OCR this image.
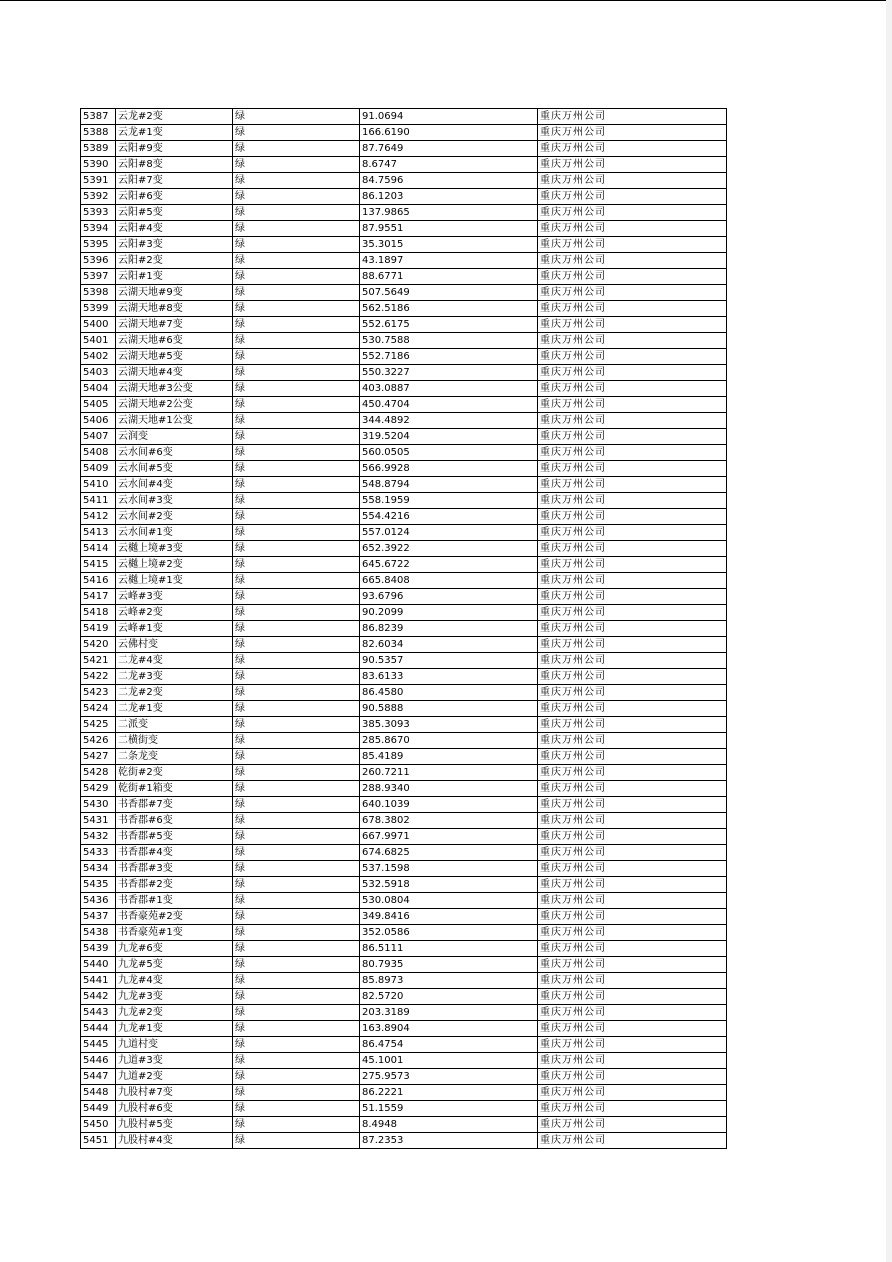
5387	云龙#2变	绿	91.0694	重庆万州公司
5388	云龙#1变	绿	166.6190	重庆万州公司
5389	云阳#9变	绿	87.7649	重庆万州公司
5390	云阳#8变	绿	8.6747	重庆万州公司
5391	云阳#7变	绿	84.7596	重庆万州公司
5392	云阳#6变	绿	86.1203	重庆万州公司
5393	云阳#5变	绿	137.9865	重庆万州公司
5394	云阳#4变	绿	87.9551	重庆万州公司
5395	云阳#3变	绿	35.3015	重庆万州公司
5396	云阳#2变	绿	43.1897	重庆万州公司
5397	云阳#1变	绿	88.6771	重庆万州公司
5398	云湖天地#9变	绿	507.5649	重庆万州公司
5399	云湖天地#8变	绿	562.5186	重庆万州公司
5400	云湖天地#7变	绿	552.6175	重庆万州公司
5401	云湖天地#6变	绿	530.7588	重庆万州公司
5402	云湖天地#5变	绿	552.7186	重庆万州公司
5403	云湖天地#4变	绿	550.3227	重庆万州公司
5404	云湖天地#3公变	绿	403.0887	重庆万州公司
5405	云湖天地#2公变	绿	450.4704	重庆万州公司
5406	云湖天地#1公变	绿	344.4892	重庆万州公司
5407	云润变	绿	319.5204	重庆万州公司
5408	云水间#6变	绿	560.0505	重庆万州公司
5409	云水间#5变	绿	566.9928	重庆万州公司
5410	云水间#4变	绿	548.8794	重庆万州公司
5411	云水间#3变	绿	558.1959	重庆万州公司
5412	云水间#2变	绿	554.4216	重庆万州公司
5413	云水间#1变	绿	557.0124	重庆万州公司
5414	云樾上境#3变	绿	652.3922	重庆万州公司
5415	云樾上境#2变	绿	645.6722	重庆万州公司
5416	云樾上境#1变	绿	665.8408	重庆万州公司
5417	云峰#3变	绿	93.6796	重庆万州公司
5418	云峰#2变	绿	90.2099	重庆万州公司
5419	云峰#1变	绿	86.8239	重庆万州公司
5420	云佛村变	绿	82.6034	重庆万州公司
5421	二龙#4变	绿	90.5357	重庆万州公司
5422	二龙#3变	绿	83.6133	重庆万州公司
5423	二龙#2变	绿	86.4580	重庆万州公司
5424	二龙#1变	绿	90.5888	重庆万州公司
5425	二派变	绿	385.3093	重庆万州公司
5426	二横街变	绿	285.8670	重庆万州公司
5427	二条龙变	绿	85.4189	重庆万州公司
5428	乾街#2变	绿	260.7211	重庆万州公司
5429	乾街#1箱变	绿	288.9340	重庆万州公司
5430	书香郡#7变	绿	640.1039	重庆万州公司
5431	书香郡#6变	绿	678.3802	重庆万州公司
5432	书香郡#5变	绿	667.9971	重庆万州公司
5433	书香郡#4变	绿	674.6825	重庆万州公司
5434	书香郡#3变	绿	537.1598	重庆万州公司
5435	书香郡#2变	绿	532.5918	重庆万州公司
5436	书香郡#1变	绿	530.0804	重庆万州公司
5437	书香豪苑#2变	绿	349.8416	重庆万州公司
5438	书香豪苑#1变	绿	352.0586	重庆万州公司
5439	九龙#6变	绿	86.5111	重庆万州公司
5440	九龙#5变	绿	80.7935	重庆万州公司
5441	九龙#4变	绿	85.8973	重庆万州公司
5442	九龙#3变	绿	82.5720	重庆万州公司
5443	九龙#2变	绿	203.3189	重庆万州公司
5444	九龙#1变	绿	163.8904	重庆万州公司
5445	九道村变	绿	86.4754	重庆万州公司
5446	九道#3变	绿	45.1001	重庆万州公司
5447	九道#2变	绿	275.9573	重庆万州公司
5448	九股村#7变	绿	86.2221	重庆万州公司
5449	九股村#6变	绿	51.1559	重庆万州公司
5450	九股村#5变	绿	8.4948	重庆万州公司
5451	九股村#4变	绿	87.2353	重庆万州公司
